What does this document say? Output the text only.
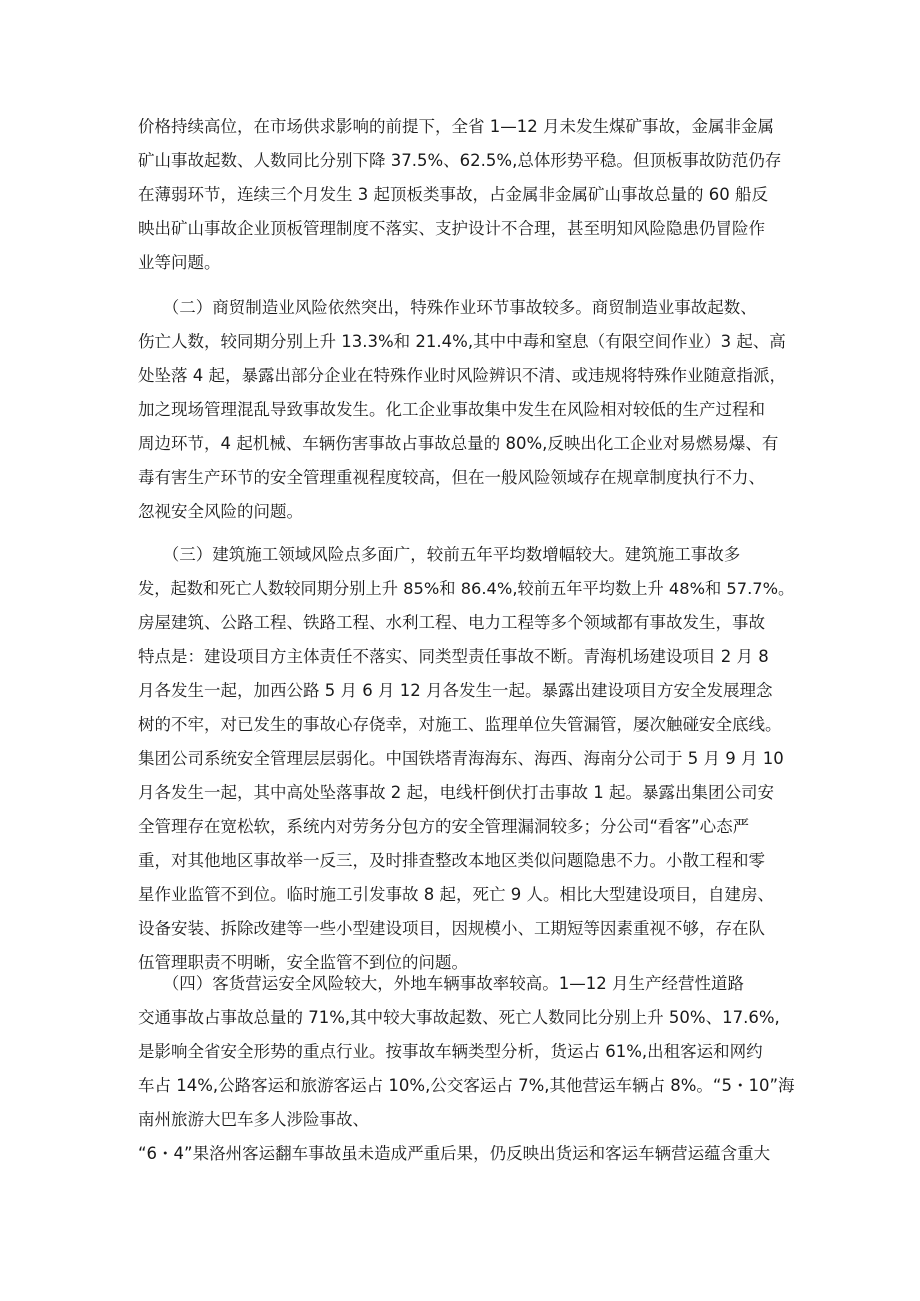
价格持续高位，在市场供求影响的前提下，全省 1—12 月未发生煤矿事故，金属非金属
矿山事故起数、人数同比分别下降 37.5%、62.5%,总体形势平稳。但顶板事故防范仍存
在薄弱环节，连续三个月发生 3 起顶板类事故，占金属非金属矿山事故总量的 60 船反
映出矿山事故企业顶板管理制度不落实、支护设计不合理，甚至明知风险隐患仍冒险作
业等问题。
　　（二）商贸制造业风险依然突出，特殊作业环节事故较多。商贸制造业事故起数、
伤亡人数，较同期分别上升 13.3%和 21.4%,其中中毒和窒息（有限空间作业）3 起、高
处坠落 4 起，暴露出部分企业在特殊作业时风险辨识不清、或违规将特殊作业随意指派，
加之现场管理混乱导致事故发生。化工企业事故集中发生在风险相对较低的生产过程和
周边环节，4 起机械、车辆伤害事故占事故总量的 80%,反映出化工企业对易燃易爆、有
毒有害生产环节的安全管理重视程度较高，但在一般风险领域存在规章制度执行不力、
忽视安全风险的问题。
　　（三）建筑施工领域风险点多面广，较前五年平均数增幅较大。建筑施工事故多
发，起数和死亡人数较同期分别上升 85%和 86.4%,较前五年平均数上升 48%和 57.7%。
房屋建筑、公路工程、铁路工程、水利工程、电力工程等多个领域都有事故发生，事故
特点是：建设项目方主体责任不落实、同类型责任事故不断。青海机场建设项目 2 月 8
月各发生一起，加西公路 5 月 6 月 12 月各发生一起。暴露出建设项目方安全发展理念
树的不牢，对已发生的事故心存侥幸，对施工、监理单位失管漏管，屡次触碰安全底线。
集团公司系统安全管理层层弱化。中国铁塔青海海东、海西、海南分公司于 5 月 9 月 10
月各发生一起，其中高处坠落事故 2 起，电线杆倒伏打击事故 1 起。暴露出集团公司安
全管理存在宽松软，系统内对劳务分包方的安全管理漏洞较多；分公司“看客”心态严
重，对其他地区事故举一反三，及时排查整改本地区类似问题隐患不力。小散工程和零
星作业监管不到位。临时施工引发事故 8 起，死亡 9 人。相比大型建设项目，自建房、
设备安装、拆除改建等一些小型建设项目，因规模小、工期短等因素重视不够，存在队
伍管理职责不明晰，安全监管不到位的问题。
　　（四）客货营运安全风险较大，外地车辆事故率较高。1—12 月生产经营性道路
交通事故占事故总量的 71%,其中较大事故起数、死亡人数同比分别上升 50%、17.6%,
是影响全省安全形势的重点行业。按事故车辆类型分析，货运占 61%,出租客运和网约
车占 14%,公路客运和旅游客运占 10%,公交客运占 7%,其他营运车辆占 8%。“5・10”海
南州旅游大巴车多人涉险事故、
“6・4”果洛州客运翻车事故虽未造成严重后果，仍反映出货运和客运车辆营运蕴含重大
